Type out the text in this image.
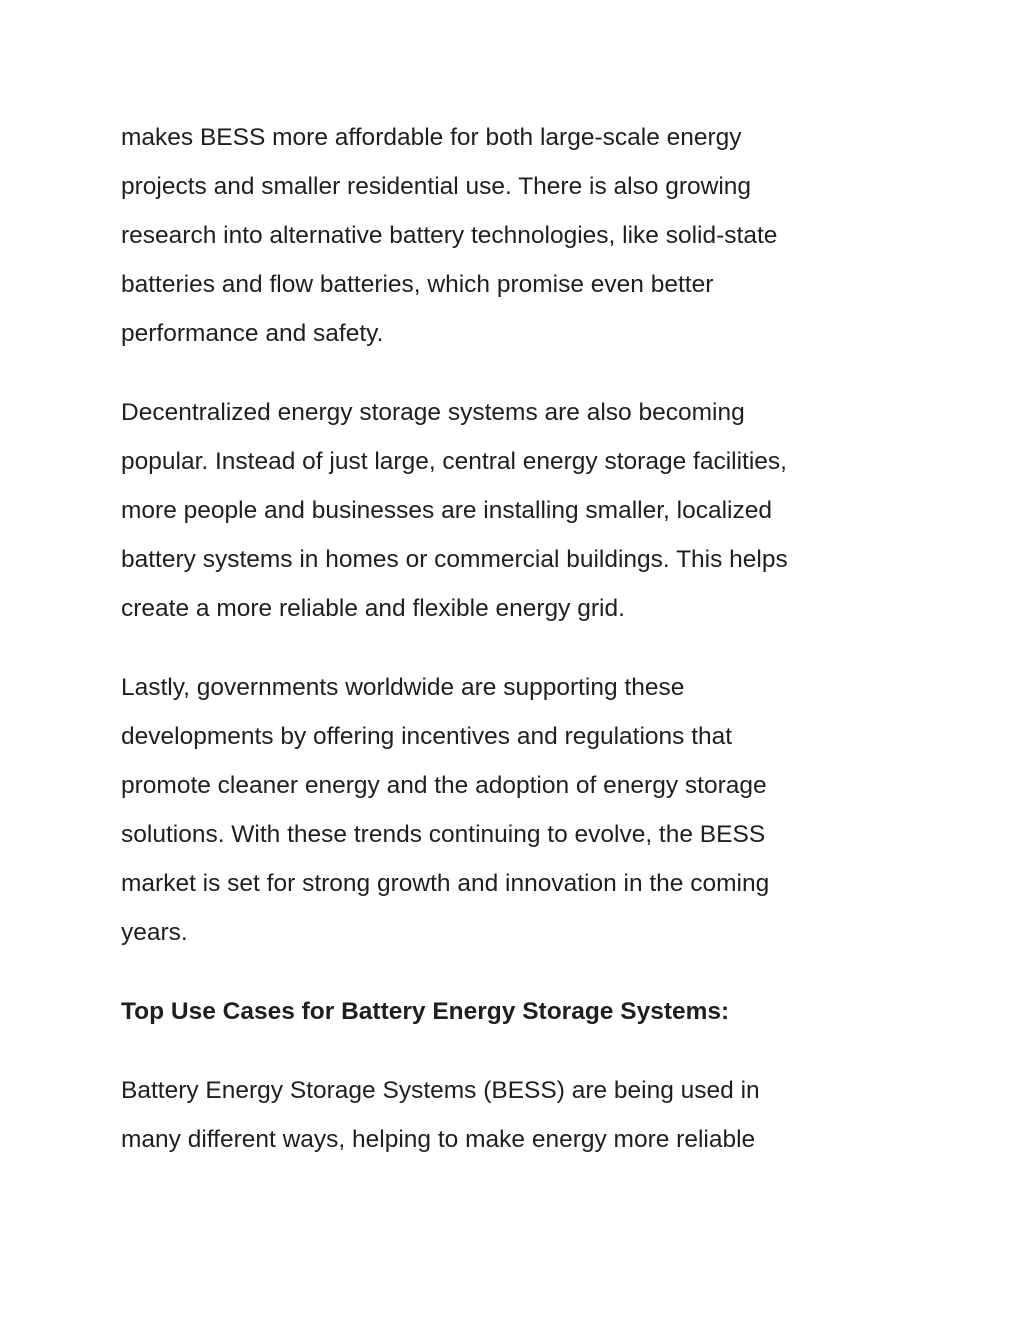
makes BESS more affordable for both large-scale energy
projects and smaller residential use. There is also growing
research into alternative battery technologies, like solid-state
batteries and flow batteries, which promise even better
performance and safety.

Decentralized energy storage systems are also becoming
popular. Instead of just large, central energy storage facilities,
more people and businesses are installing smaller, localized
battery systems in homes or commercial buildings. This helps
create a more reliable and flexible energy grid.

Lastly, governments worldwide are supporting these
developments by offering incentives and regulations that
promote cleaner energy and the adoption of energy storage
solutions. With these trends continuing to evolve, the BESS
market is set for strong growth and innovation in the coming
years.

Top Use Cases for Battery Energy Storage Systems:

Battery Energy Storage Systems (BESS) are being used in
many different ways, helping to make energy more reliable
